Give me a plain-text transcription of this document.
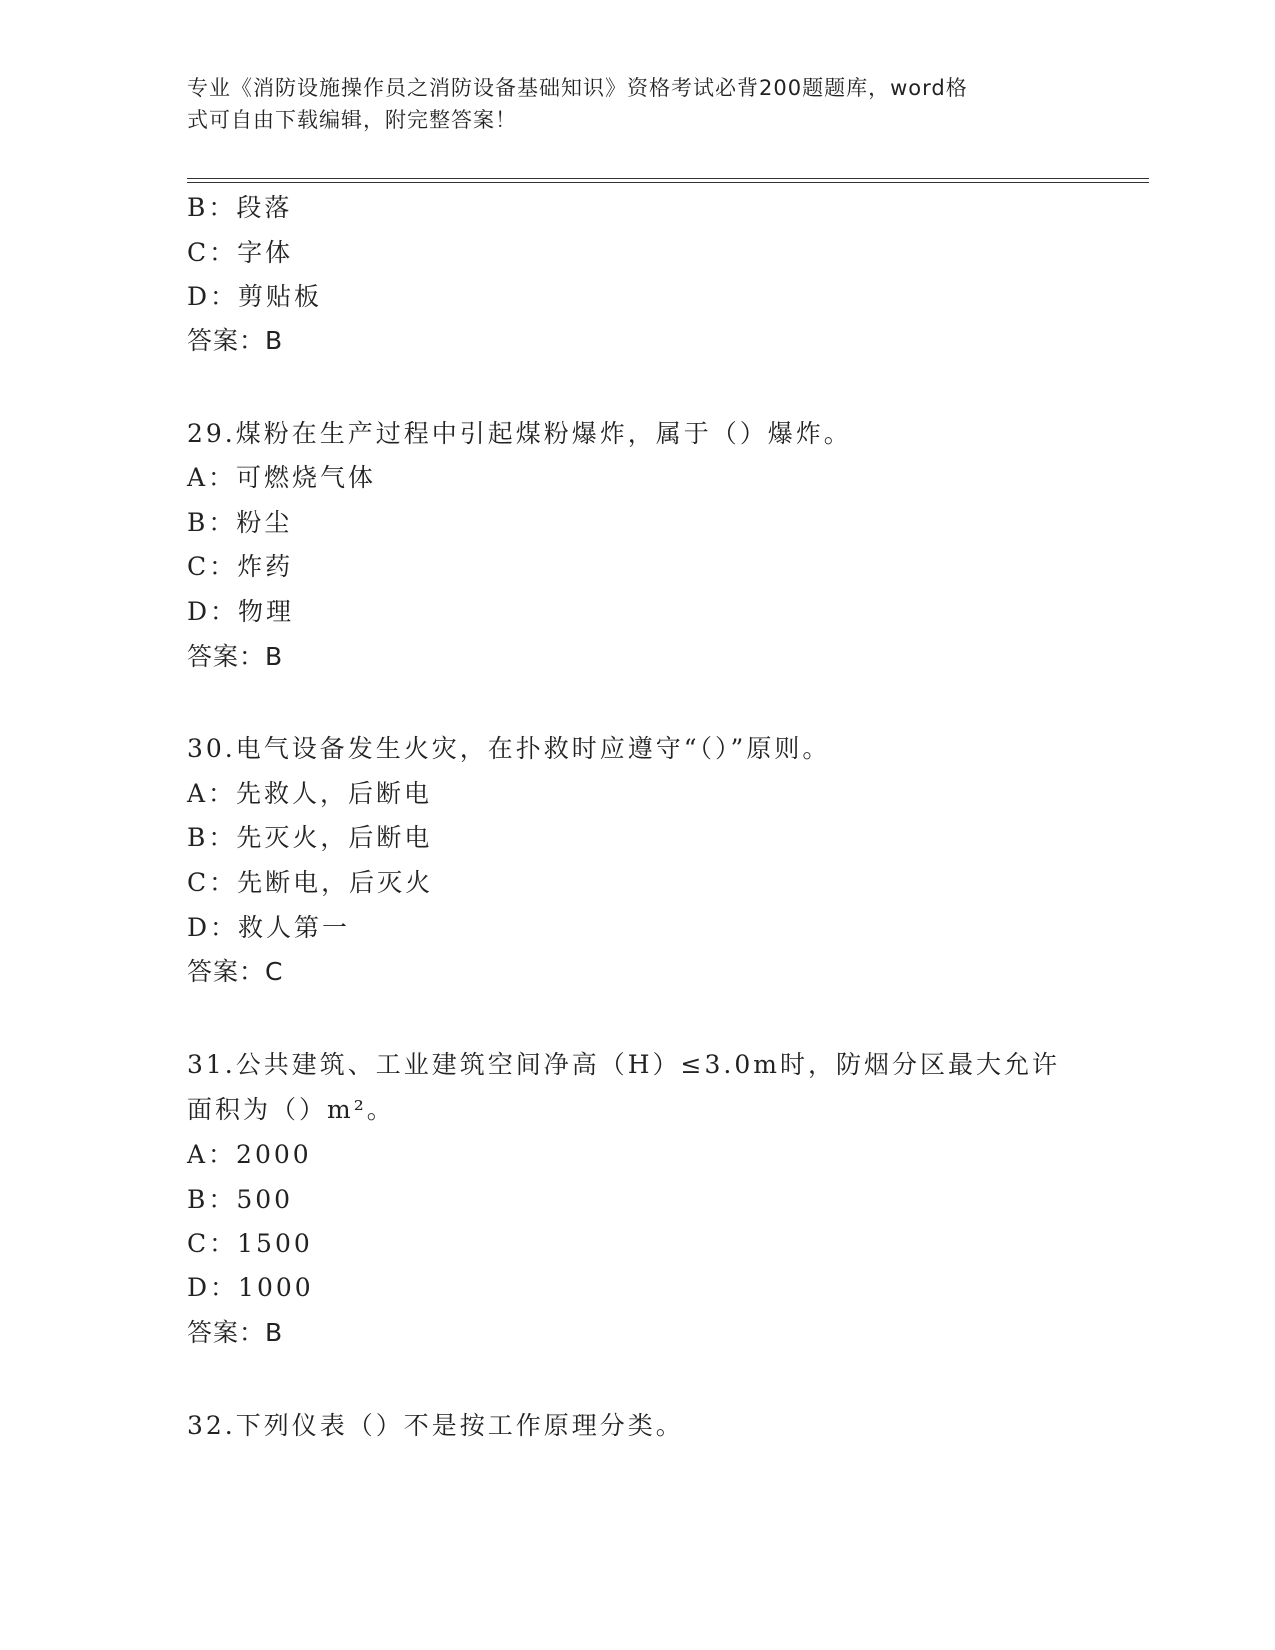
专业《消防设施操作员之消防设备基础知识》资格考试必背200题题库，word格
式可自由下载编辑，附完整答案！
B：段落
C：字体
D：剪贴板
答案：B
29.煤粉在生产过程中引起煤粉爆炸，属于（）爆炸。
A：可燃烧气体
B：粉尘
C：炸药
D：物理
答案：B
30.电气设备发生火灾，在扑救时应遵守“（）”原则。
A：先救人，后断电
B：先灭火，后断电
C：先断电，后灭火
D：救人第一
答案：C
31.公共建筑、工业建筑空间净高（H）≤3.0m时，防烟分区最大允许
面积为（）m²。
A：2000
B：500
C：1500
D：1000
答案：B
32.下列仪表（）不是按工作原理分类。
